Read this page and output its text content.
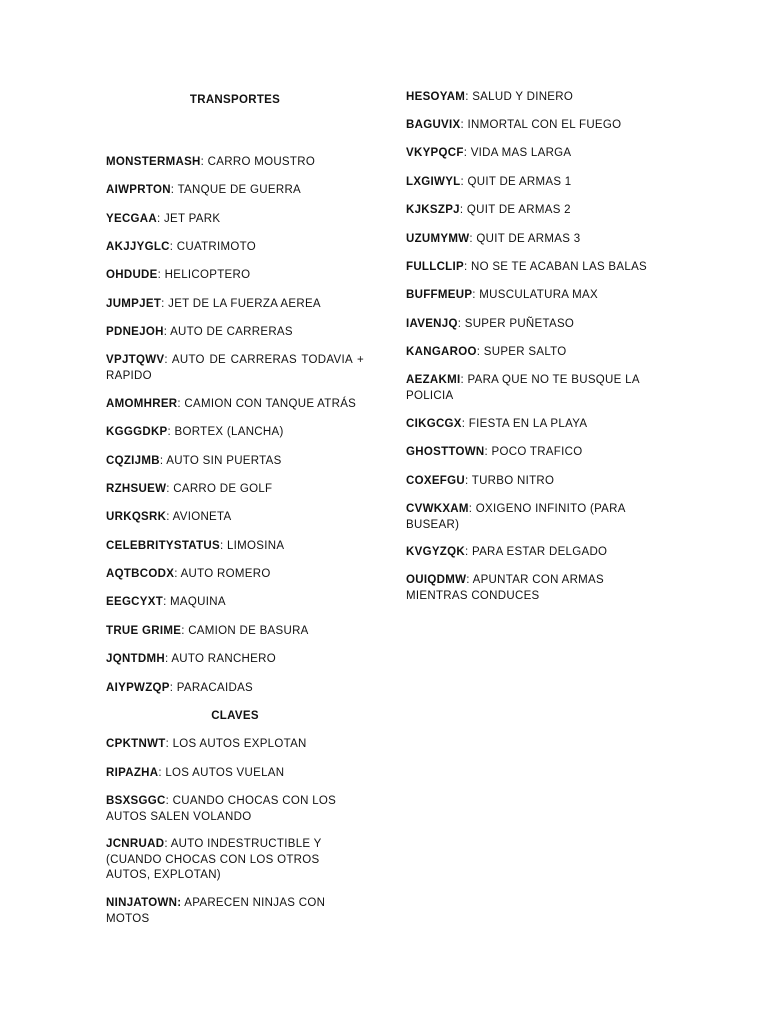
TRANSPORTES
MONSTERMASH: CARRO MOUSTRO
AIWPRTON: TANQUE DE GUERRA
YECGAA: JET PARK
AKJJYGLC: CUATRIMOTO
OHDUDE: HELICOPTERO
JUMPJET: JET DE LA FUERZA AEREA
PDNEJOH: AUTO DE CARRERAS
VPJTQWV: AUTO DE CARRERAS TODAVIA + RAPIDO
AMOMHRER: CAMION CON TANQUE ATRÁS
KGGGDKP: BORTEX (LANCHA)
CQZIJMB: AUTO SIN PUERTAS
RZHSUEW: CARRO DE GOLF
URKQSRK: AVIONETA
CELEBRITYSTATUS: LIMOSINA
AQTBCODX: AUTO ROMERO
EEGCYXT: MAQUINA
TRUE GRIME: CAMION DE BASURA
JQNTDMH: AUTO RANCHERO
AIYPWZQP: PARACAIDAS
CLAVES
CPKTNWT: LOS AUTOS EXPLOTAN
RIPAZHA: LOS AUTOS VUELAN
BSXSGGC: CUANDO CHOCAS CON LOS AUTOS SALEN VOLANDO
JCNRUAD: AUTO INDESTRUCTIBLE Y (CUANDO CHOCAS CON LOS OTROS AUTOS, EXPLOTAN)
NINJATOWN: APARECEN NINJAS CON MOTOS
HESOYAM: SALUD Y DINERO
BAGUVIX: INMORTAL CON EL FUEGO
VKYPQCF: VIDA MAS LARGA
LXGIWYL: QUIT DE ARMAS 1
KJKSZPJ: QUIT DE ARMAS 2
UZUMYMW: QUIT DE ARMAS 3
FULLCLIP: NO SE TE ACABAN LAS BALAS
BUFFMEUP: MUSCULATURA MAX
IAVENJQ: SUPER PUÑETASO
KANGAROO: SUPER SALTO
AEZAKMI: PARA QUE NO TE BUSQUE LA POLICIA
CIKGCGX: FIESTA EN LA PLAYA
GHOSTTOWN: POCO TRAFICO
COXEFGU: TURBO NITRO
CVWKXAM: OXIGENO INFINITO (PARA BUSEAR)
KVGYZQK: PARA ESTAR DELGADO
OUIQDMW: APUNTAR CON ARMAS MIENTRAS CONDUCES
